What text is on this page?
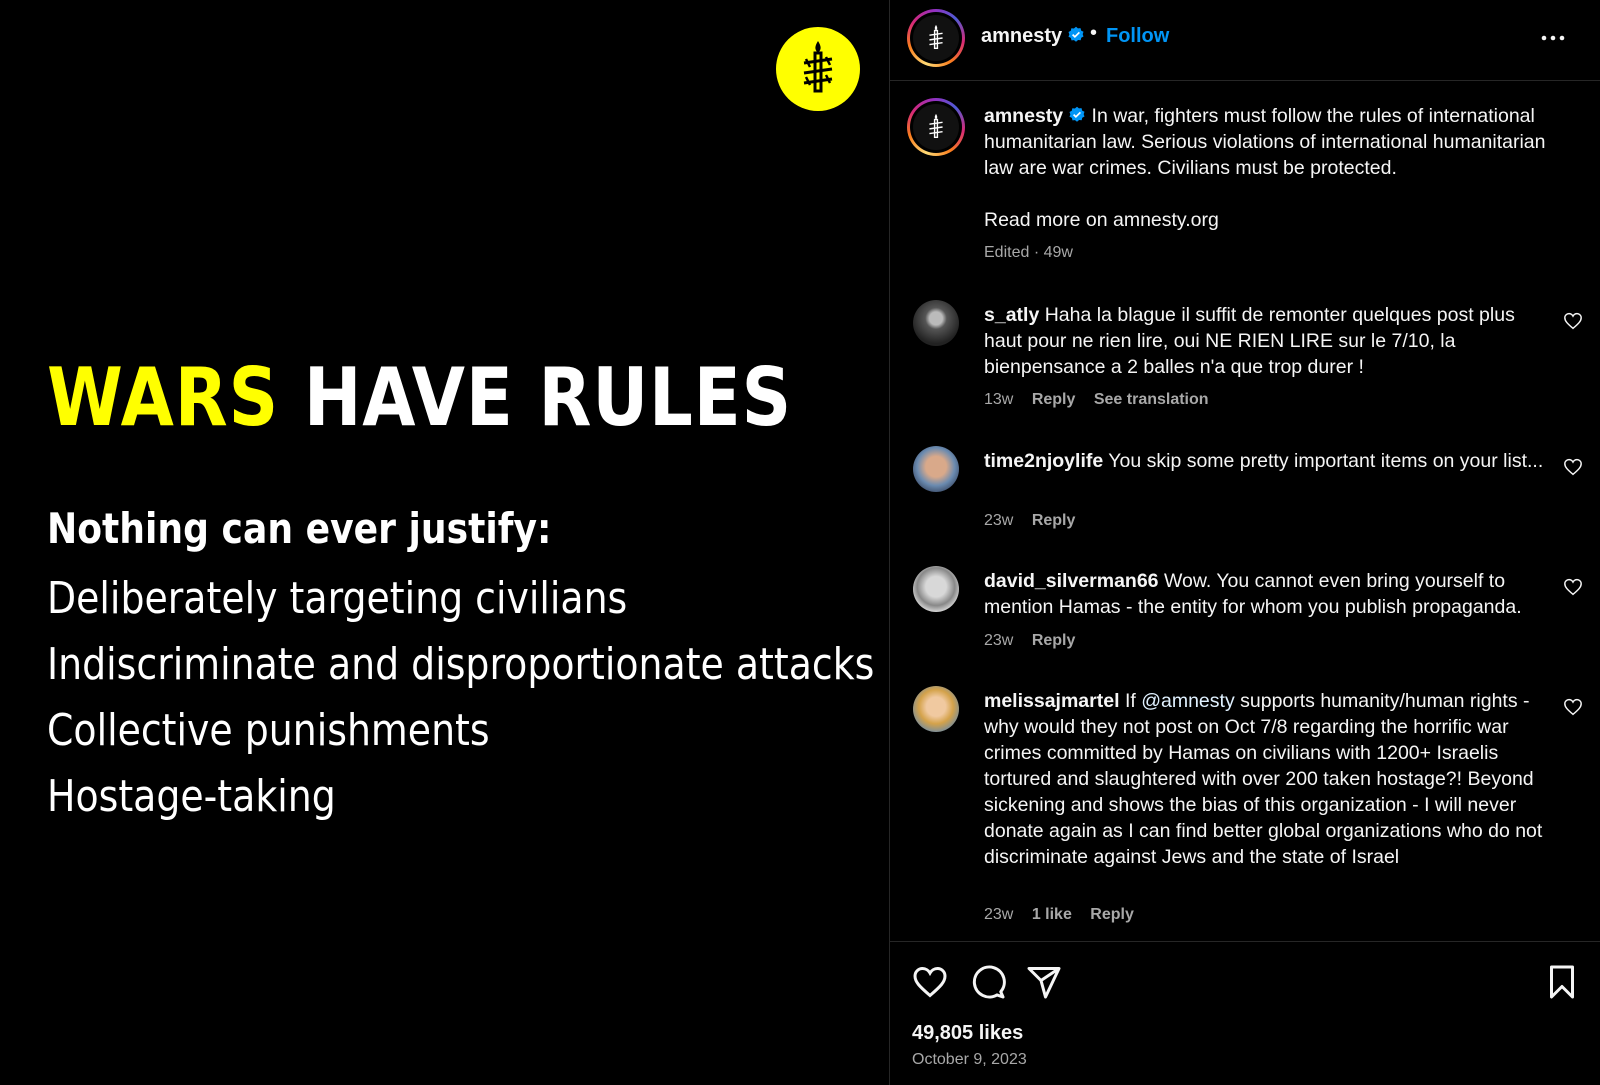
WARS HAVE RULES
Nothing can ever justify:
Deliberately targeting civilians
Indiscriminate and disproportionate attacks
Collective punishments
Hostage-taking
amnesty	• Follow
amnesty In war, fighters must follow the rules of international humanitarian law. Serious violations of international humanitarian law are war crimes. Civilians must be protected.

Read more on amnesty.org
Edited · 49w
s_atly Haha la blague il suffit de remonter quelques post plus haut pour ne rien lire, oui NE RIEN LIRE sur le 7/10, la bienpensance a 2 balles n'a que trop durer !
13w Reply See translation
time2njoylife You skip some pretty important items on your list...
23w Reply
david_silverman66 Wow. You cannot even bring yourself to mention Hamas - the entity for whom you publish propaganda.
23w Reply
melissajmartel If @amnesty supports humanity/human rights - why would they not post on Oct 7/8 regarding the horrific war crimes committed by Hamas on civilians with 1200+ Israelis tortured and slaughtered with over 200 taken hostage?! Beyond sickening and shows the bias of this organization - I will never donate again as I can find better global organizations who do not discriminate against Jews and the state of Israel
23w 1 like Reply
49,805 likes
October 9, 2023
